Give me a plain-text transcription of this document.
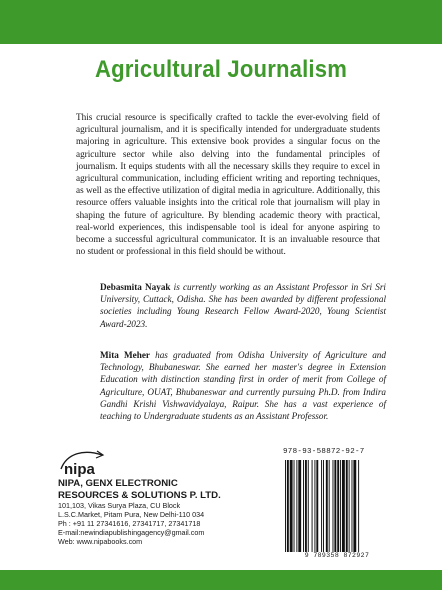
Agricultural Journalism

This crucial resource is specifically crafted to tackle the ever-evolving field of agricultural journalism, and it is specifically intended for undergraduate students majoring in agriculture. This extensive book provides a singular focus on the agriculture sector while also delving into the fundamental principles of journalism. It equips students with all the necessary skills they require to excel in agricultural communication, including efficient writing and reporting techniques, as well as the effective utilization of digital media in agriculture. Additionally, this resource offers valuable insights into the critical role that journalism will play in shaping the future of agriculture. By blending academic theory with practical, real-world experiences, this indispensable tool is ideal for anyone aspiring to become a successful agricultural communicator. It is an invaluable resource that no student or professional in this field should be without.

Debasmita Nayak is currently working as an Assistant Professor in Sri Sri University, Cuttack, Odisha. She has been awarded by different professional societies including Young Research Fellow Award-2020, Young Scientist Award-2023.

Mita Meher has graduated from Odisha University of Agriculture and Technology, Bhubaneswar. She earned her master's degree in Extension Education with distinction standing first in order of merit from College of Agriculture, OUAT, Bhubaneswar and currently pursuing Ph.D. from Indira Gandhi Krishi Vishwavidyalaya, Raipur. She has a vast experience of teaching to Undergraduate students as an Assistant Professor.

nipa

NIPA, GENX ELECTRONIC
RESOURCES & SOLUTIONS P. LTD.

101,103, Vikas Surya Plaza, CU Block
L.S.C.Market, Pitam Pura, New Delhi-110 034
Ph : +91 11 27341616, 27341717, 27341718
E-mail:newindiapublishingagency@gmail.com
Web: www.nipabooks.com
978-93-58872-92-7
9 789358 872927
